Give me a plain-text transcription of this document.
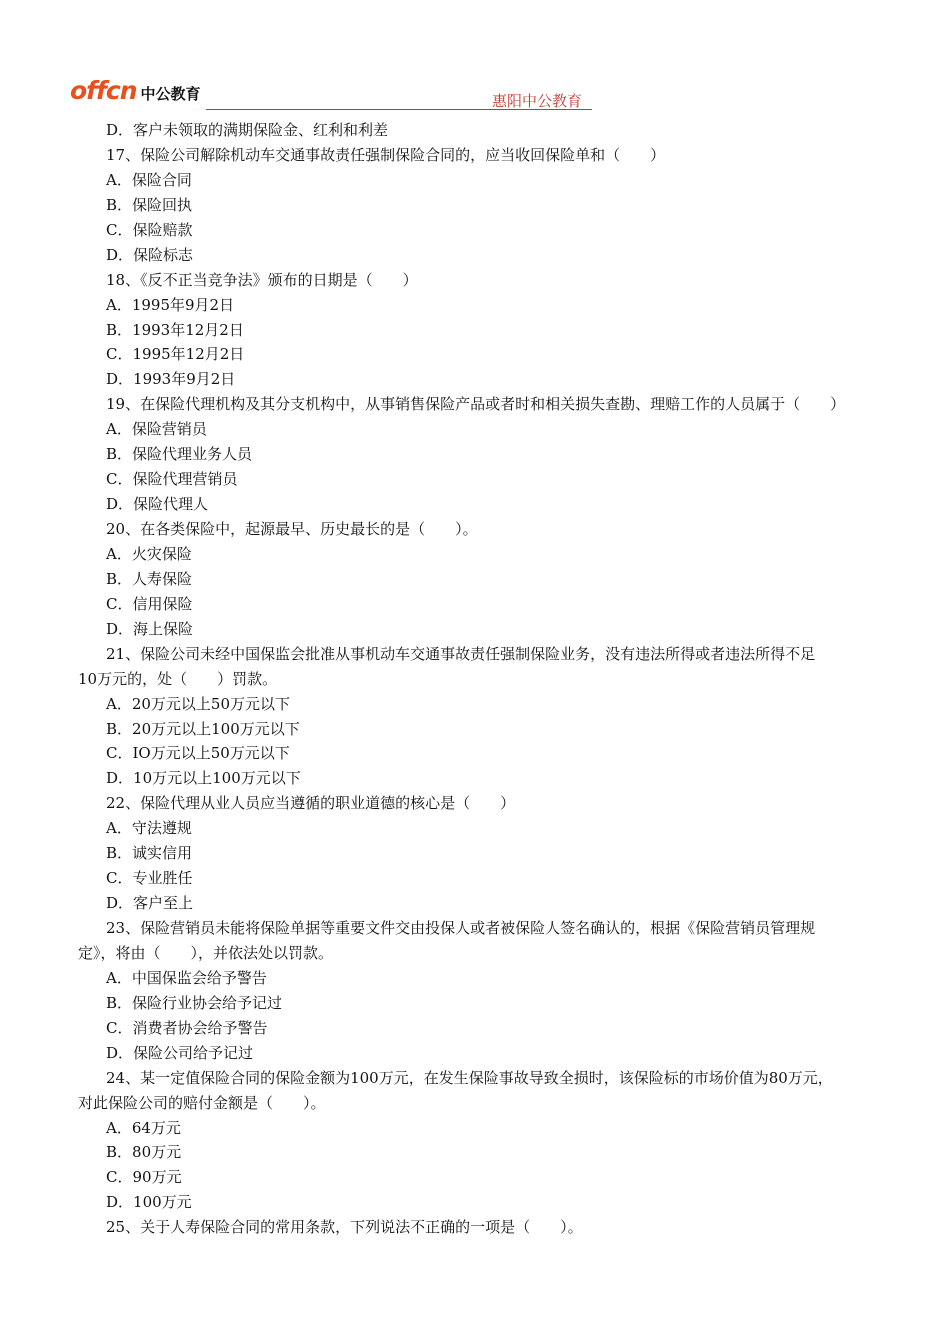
offcn 中公教育	惠阳中公教育
D．客户未领取的满期保险金、红利和利差
17、保险公司解除机动车交通事故责任强制保险合同的，应当收回保险单和（　　）
A．保险合同
B．保险回执
C．保险赔款
D．保险标志
18、《反不正当竞争法》颁布的日期是（　　）
A．1995年9月2日
B．1993年12月2日
C．1995年12月2日
D．1993年9月2日
19、在保险代理机构及其分支机构中，从事销售保险产品或者时和相关损失查勘、理赔工作的人员属于（　　）
A．保险营销员
B．保险代理业务人员
C．保险代理营销员
D．保险代理人
20、在各类保险中，起源最早、历史最长的是（　　）。
A．火灾保险
B．人寿保险
C．信用保险
D．海上保险
21、保险公司未经中国保监会批准从事机动车交通事故责任强制保险业务，没有违法所得或者违法所得不足
10万元的，处（　　）罚款。
A．20万元以上50万元以下
B．20万元以上100万元以下
C．IO万元以上50万元以下
D．10万元以上100万元以下
22、保险代理从业人员应当遵循的职业道德的核心是（　　）
A．守法遵规
B．诚实信用
C．专业胜任
D．客户至上
23、保险营销员未能将保险单据等重要文件交由投保人或者被保险人签名确认的，根据《保险营销员管理规
定》，将由（　　），并依法处以罚款。
A．中国保监会给予警告
B．保险行业协会给予记过
C．消费者协会给予警告
D．保险公司给予记过
24、某一定值保险合同的保险金额为100万元，在发生保险事故导致全损时，该保险标的市场价值为80万元，
对此保险公司的赔付金额是（　　）。
A．64万元
B．80万元
C．90万元
D．100万元
25、关于人寿保险合同的常用条款，下列说法不正确的一项是（　　）。
